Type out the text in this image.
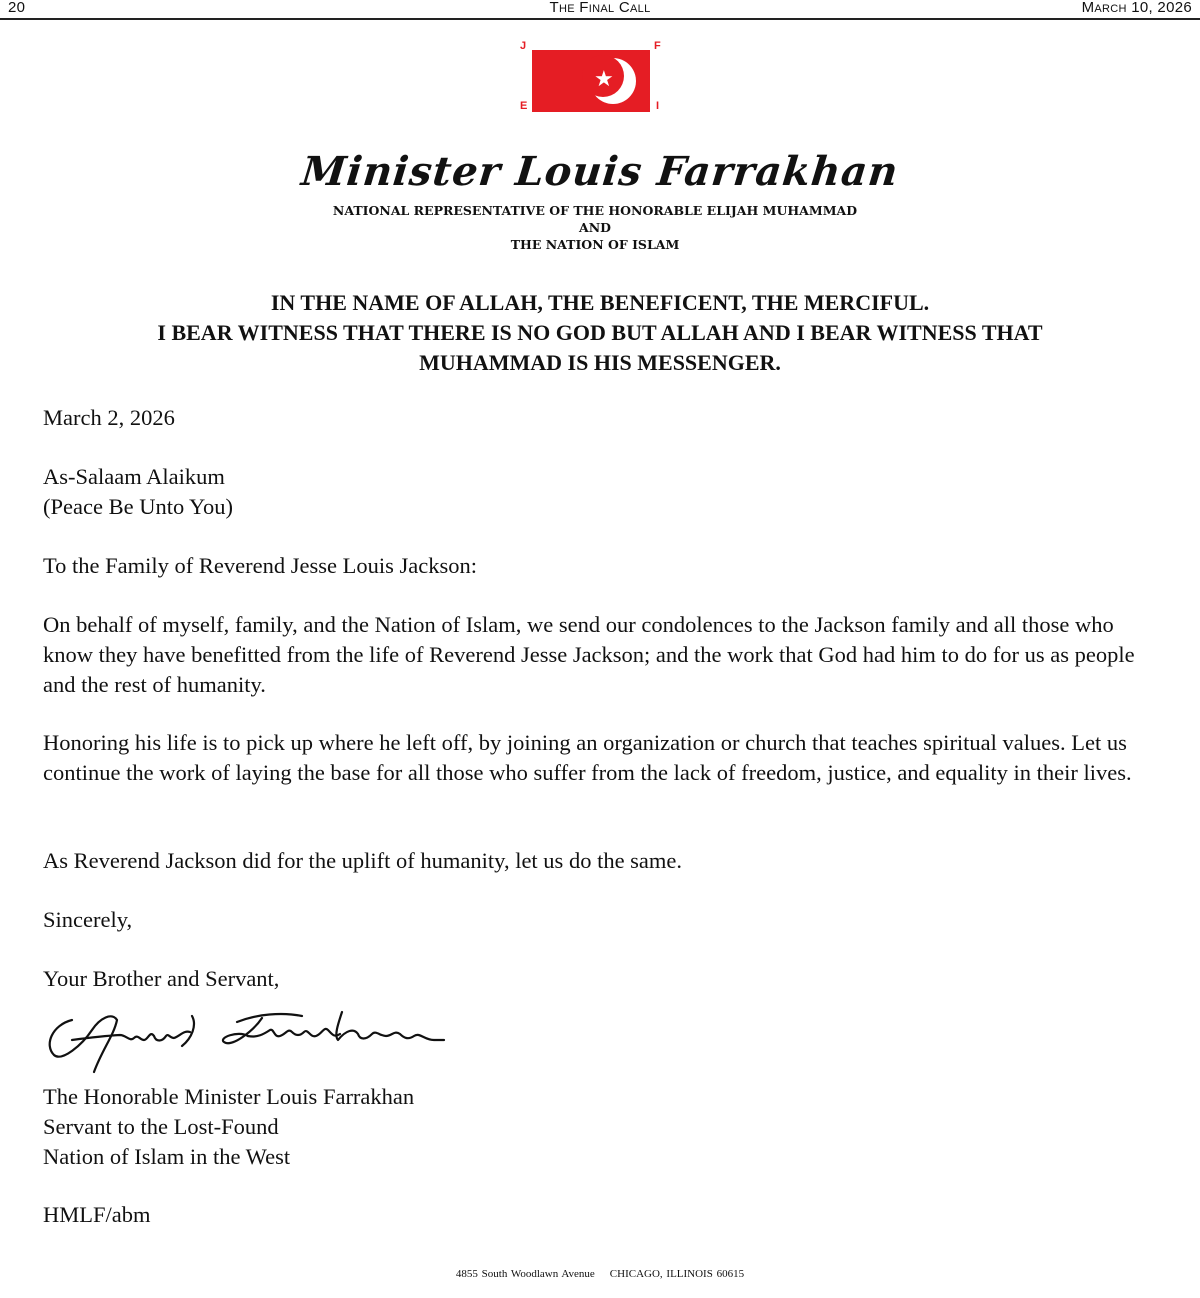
20	The Final Call	March 10, 2026
J	F
E	I
★
Minister Louis Farrakhan
NATIONAL REPRESENTATIVE OF THE HONORABLE ELIJAH MUHAMMAD
AND
THE NATION OF ISLAM
IN THE NAME OF ALLAH, THE BENEFICENT, THE MERCIFUL.
I BEAR WITNESS THAT THERE IS NO GOD BUT ALLAH AND I BEAR WITNESS THAT
MUHAMMAD IS HIS MESSENGER.
March 2, 2026

As-Salaam Alaikum

(Peace Be Unto You)

To the Family of Reverend Jesse Louis Jackson:
On behalf of myself, family, and the Nation of Islam, we send our condolences to the Jackson family and all those who know they have benefitted from the life of Reverend Jesse Jackson; and the work that God had him to do for us as people and the rest of humanity.
Honoring his life is to pick up where he left off, by joining an organization or church that teaches spiritual values. Let us continue the work of laying the base for all those who suffer from the lack of freedom, justice, and equality in their lives.
As Reverend Jackson did for the uplift of humanity, let us do the same.
Sincerely,
Your Brother and Servant,

The Honorable Minister Louis Farrakhan

Servant to the Lost-Found

Nation of Islam in the West

HMLF/abm
4855 South Woodlawn Avenue CHICAGO, ILLINOIS 60615
